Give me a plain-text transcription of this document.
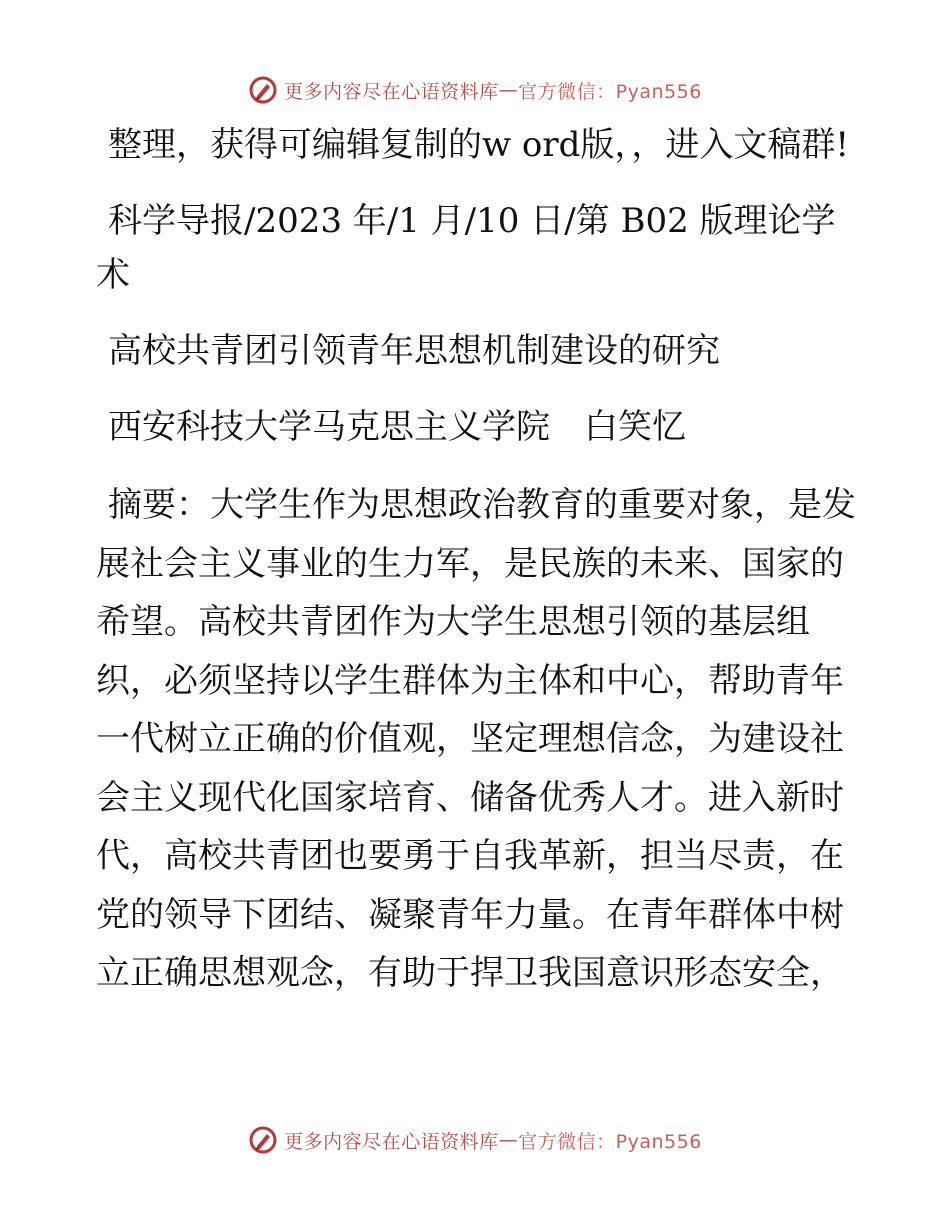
更多内容尽在心语资料库 — 官方微信：Pyan556

整理，获得可编辑复制的w ord版，，进入文稿群!

科学导报/2023 年/1 月/10 日/第 B02 版理论学术

高校共青团引领青年思想机制建设的研究

西安科技大学马克思主义学院　白笑忆

摘要：大学生作为思想政治教育的重要对象，是发展社会主义事业的生力军，是民族的未来、国家的希望。高校共青团作为大学生思想引领的基层组织，必须坚持以学生群体为主体和中心，帮助青年一代树立正确的价值观，坚定理想信念，为建设社会主义现代化国家培育、储备优秀人才。进入新时代，高校共青团也要勇于自我革新，担当尽责，在党的领导下团结、凝聚青年力量。在青年群体中树立正确思想观念，有助于捍卫我国意识形态安全，

更多内容尽在心语资料库 — 官方微信：Pyan556
